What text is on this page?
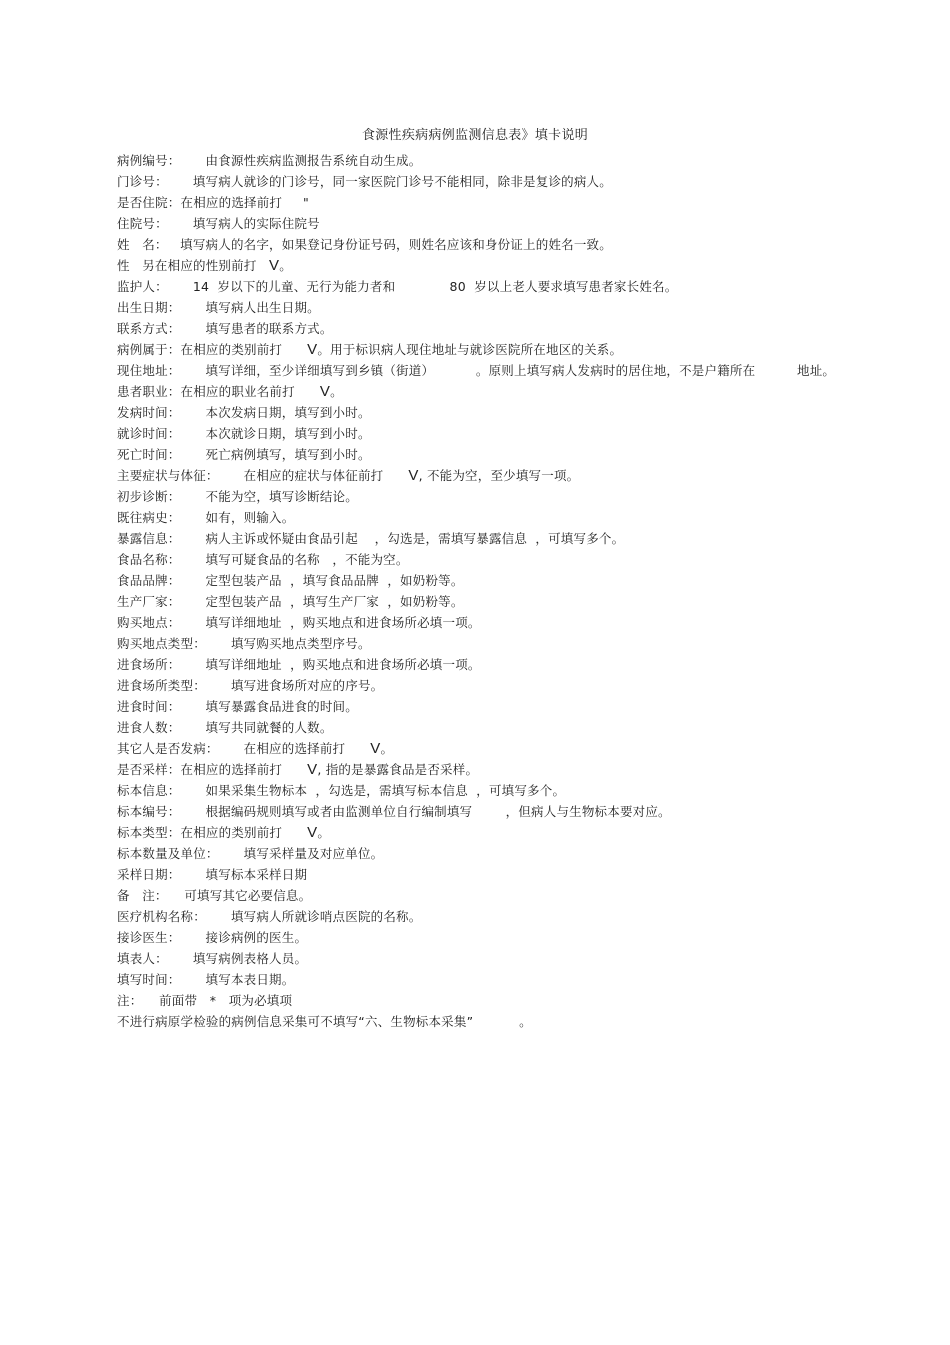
食源性疾病病例监测信息表》填卡说明
病例编号：      由食源性疾病监测报告系统自动生成。
门诊号：      填写病人就诊的门诊号，同一家医院门诊号不能相同，除非是复诊的病人。
是否住院：在相应的选择前打     "
住院号：      填写病人的实际住院号
姓   名：   填写病人的名字，如果登记身份证号码，则姓名应该和身份证上的姓名一致。
性   另在相应的性别前打   V。
监护人：      14  岁以下的儿童、无行为能力者和             80  岁以上老人要求填写患者家长姓名。
出生日期：      填写病人出生日期。
联系方式：      填写患者的联系方式。
病例属于：在相应的类别前打      V。用于标识病人现住地址与就诊医院所在地区的关系。
现住地址：      填写详细，至少详细填写到乡镇（街道）          。原则上填写病人发病时的居住地，不是户籍所在          地址。
患者职业：在相应的职业名前打      V。
发病时间：      本次发病日期，填写到小时。
就诊时间：      本次就诊日期，填写到小时。
死亡时间：      死亡病例填写，填写到小时。
主要症状与体征：      在相应的症状与体征前打      V, 不能为空，至少填写一项。
初步诊断：      不能为空，填写诊断结论。
既往病史：      如有，则输入。
暴露信息：      病人主诉或怀疑由食品引起    ，勾选是，需填写暴露信息  ，可填写多个。
食品名称：      填写可疑食品的名称   ，不能为空。
食品品牌：      定型包装产品  ，填写食品品牌  ，如奶粉等。
生产厂家：      定型包装产品  ，填写生产厂家  ，如奶粉等。
购买地点：      填写详细地址  ，购买地点和进食场所必填一项。
购买地点类型：      填写购买地点类型序号。
进食场所：      填写详细地址  ，购买地点和进食场所必填一项。
进食场所类型：      填写进食场所对应的序号。
进食时间：      填写暴露食品进食的时间。
进食人数：      填写共同就餐的人数。
其它人是否发病：      在相应的选择前打      V。
是否采样：在相应的选择前打      V, 指的是暴露食品是否采样。
标本信息：      如果采集生物标本  ，勾选是，需填写标本信息  ，可填写多个。
标本编号：      根据编码规则填写或者由监测单位自行编制填写        ，但病人与生物标本要对应。
标本类型：在相应的类别前打      V。
标本数量及单位：      填写采样量及对应单位。
采样日期：      填写标本采样日期
备   注：    可填写其它必要信息。
医疗机构名称：      填写病人所就诊哨点医院的名称。
接诊医生：      接诊病例的医生。
填表人：      填写病例表格人员。
填写时间：      填写本表日期。
注：    前面带   *   项为必填项
不进行病原学检验的病例信息采集可不填写“六、生物标本采集”           。
